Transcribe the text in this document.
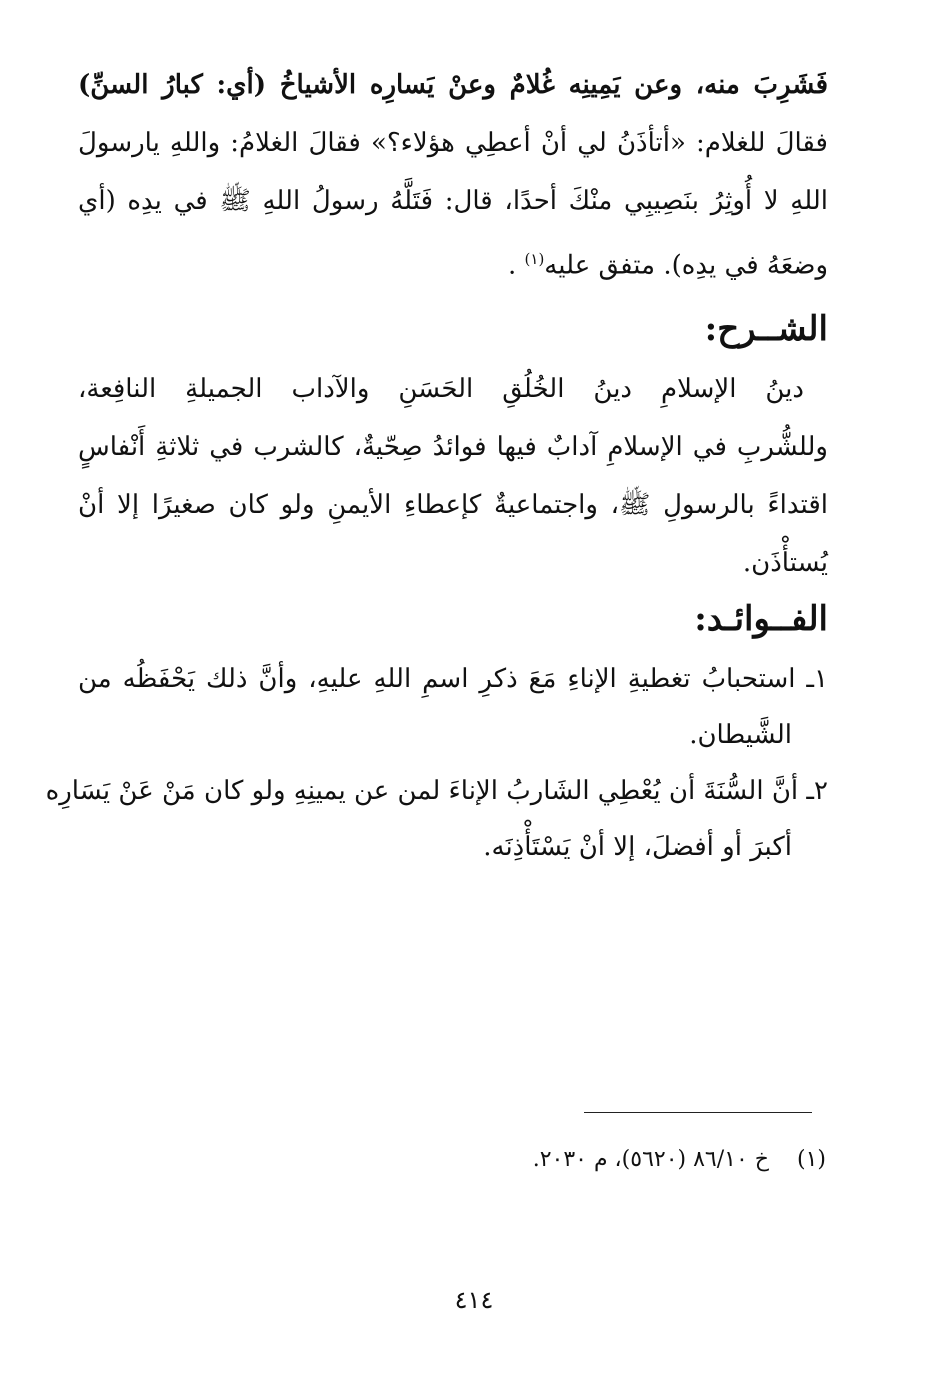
فَشَرِبَ منه، وعن يَمِينِه غُلامٌ وعنْ يَسارِه الأشياخُ (أي: كبارُ السنِّ)
فقالَ للغلام: «أتأذَنُ لي أنْ أعطِي هؤلاء؟» فقالَ الغلامُ: واللهِ يارسولَ
اللهِ لا أُوثِرُ بنَصِيبِي منْكَ أحدًا، قال: فَتَلَّهُ رسولُ اللهِ ﷺ في يدِه (أي
وضعَهُ في يدِه). متفق عليه$^{(١)}$ .
الشــرح:
دينُ الإسلامِ دينُ الخُلُقِ الحَسَنِ والآداب الجميلةِ النافِعة،
وللشُّربِ في الإسلامِ آدابٌ فيها فوائدُ صِحّيةٌ، كالشرب في ثلاثةِ أَنْفاسٍ
اقتداءً بالرسولِ ﷺ، واجتماعيةٌ كإعطاءِ الأيمنِ ولو كان صغيرًا إلا أنْ
يُستأْذَن.
الفــوائـد:
١ـ استحبابُ تغطيةِ الإناءِ مَعَ ذكرِ اسمِ اللهِ عليهِ، وأنَّ ذلك يَحْفَظُه من
الشَّيطان.
٢ـ أنَّ السُّنَةَ أن يُعْطِي الشَاربُ الإناءَ لمن عن يمينِهِ ولو كان مَنْ عَنْ يَسَارِه
أكبرَ أو أفضلَ، إلا أنْ يَسْتَأْذِنَه.
(١)  خ ٨٦/١٠ (٥٦٢٠)، م ٢٠٣٠.
٤١٤
